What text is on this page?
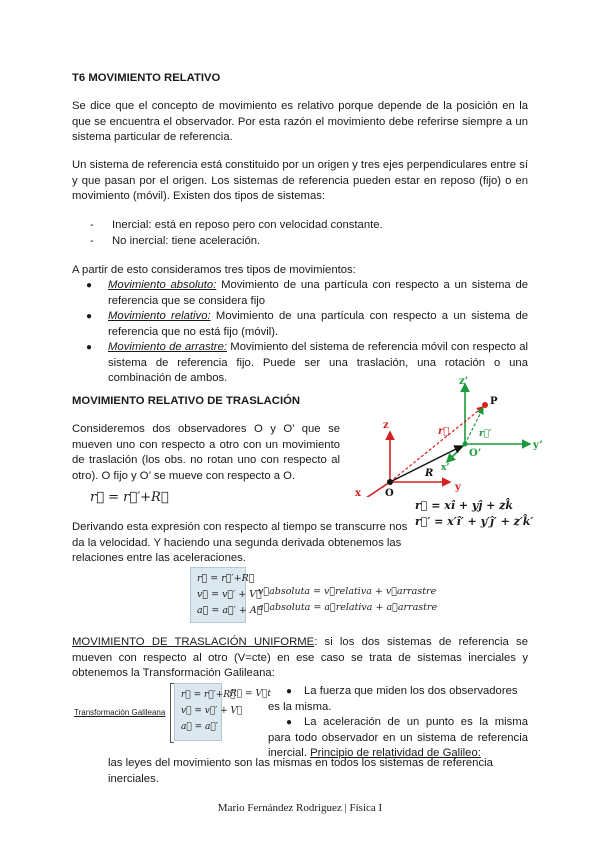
T6 MOVIMIENTO RELATIVO
Se dice que el concepto de movimiento es relativo porque depende de la posición en la que se encuentra el observador. Por esta razón el movimiento debe referirse siempre a un sistema particular de referencia.
Un sistema de referencia está constituido por un origen y tres ejes perpendiculares entre sí y que pasan por el origen. Los sistemas de referencia pueden estar en reposo (fijo) o en movimiento (móvil). Existen dos tipos de sistemas:
- Inercial: está en reposo pero con velocidad constante.
- No inercial: tiene aceleración.
A partir de esto consideramos tres tipos de movimientos:
● Movimiento absoluto: Movimiento de una partícula con respecto a un sistema de referencia que se considera fijo
● Movimiento relativo: Movimiento de una partícula con respecto a un sistema de referencia que no está fijo (móvil).
● Movimiento de arrastre: Movimiento del sistema de referencia móvil con respecto al sistema de referencia fijo. Puede ser una traslación, una rotación o una combinación de ambos.
MOVIMIENTO RELATIVO DE TRASLACIÓN
Consideremos dos observadores O y O’ que se mueven uno con respecto a otro con un movimiento de traslación (los obs. no rotan uno con respecto al otro). O fijo y O’ se mueve con respecto a O.
r⃗ = r⃗′+R⃗
z
y
x
z’
y’
x’
O
O’
P
r⃗	r⃗′
R
r⃗ = xî + yĵ + zk̂
r⃗′ = x′î′ + y′ĵ′ + z′k̂′
Derivando esta expresión con respecto al tiempo se transcurre nos da la velocidad. Y haciendo una segunda derivada obtenemos las relaciones entre las aceleraciones.
r⃗ = r⃗′+R⃗
v⃗ = v⃗′ + V⃗
a⃗ = a⃗′ + A⃗
v⃗absoluta = v⃗relativa + v⃗arrastre
a⃗absoluta = a⃗relativa + a⃗arrastre
MOVIMIENTO DE TRASLACIÓN UNIFORME: si los dos sistemas de referencia se mueven con respecto al otro (V=cte) en ese caso se trata de sistemas inerciales y obtenemos la Transformación Galileana:
Transformación Galileana
r⃗ = r⃗′+R⃗
v⃗ = v⃗′ + V⃗
a⃗ = a⃗′
R⃗ = V⃗t	● La fuerza que miden los dos observadores es la misma.
● La aceleración de un punto es la misma para todo observador en un sistema de referencia inercial. Principio de relatividad de Galileo:
las leyes del movimiento son las mismas en todos los sistemas de referencia inerciales.
Mario Fernández Rodriguez | Física I
